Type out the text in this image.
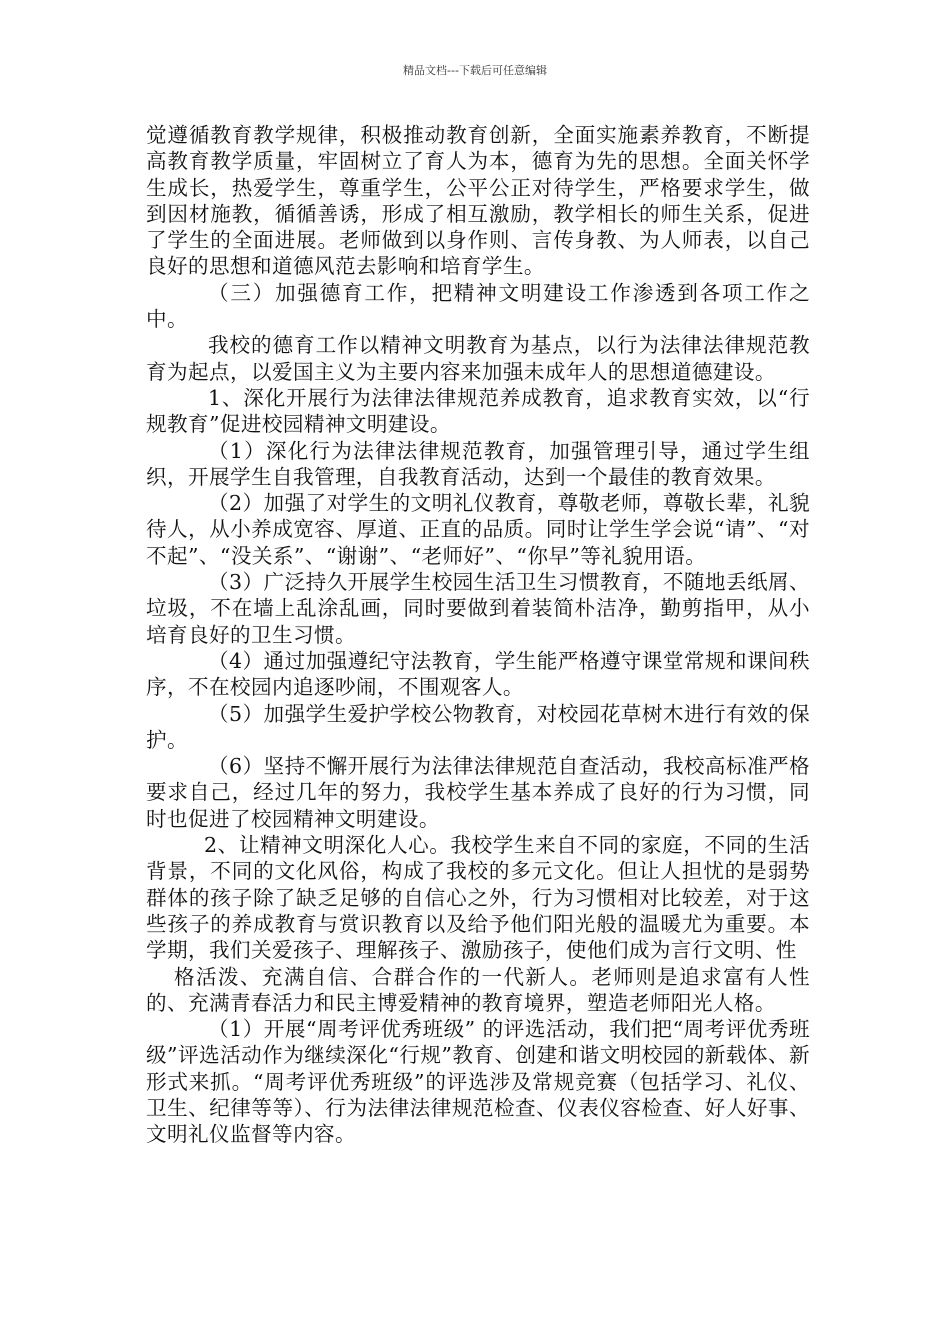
精品文档---下载后可任意编辑

觉遵循教育教学规律，积极推动教育创新，全面实施素养教育，不断提高教育教学质量，牢固树立了育人为本，德育为先的思想。全面关怀学生成长，热爱学生，尊重学生，公平公正对待学生，严格要求学生，做到因材施教，循循善诱，形成了相互激励，教学相长的师生关系，促进了学生的全面进展。老师做到以身作则、言传身教、为人师表，以自己良好的思想和道德风范去影响和培育学生。

（三）加强德育工作，把精神文明建设工作渗透到各项工作之中。

我校的德育工作以精神文明教育为基点，以行为法律法律规范教育为起点，以爱国主义为主要内容来加强未成年人的思想道德建设。

1、深化开展行为法律法律规范养成教育，追求教育实效，以“行规教育”促进校园精神文明建设。

（1）深化行为法律法律规范教育，加强管理引导，通过学生组织，开展学生自我管理，自我教育活动，达到一个最佳的教育效果。

（2）加强了对学生的文明礼仪教育，尊敬老师，尊敬长辈，礼貌待人，从小养成宽容、厚道、正直的品质。同时让学生学会说“请”、“对不起”、“没关系”、“谢谢”、“老师好”、“你早”等礼貌用语。

（3）广泛持久开展学生校园生活卫生习惯教育，不随地丢纸屑、垃圾，不在墙上乱涂乱画，同时要做到着装简朴洁净，勤剪指甲，从小培育良好的卫生习惯。

（4）通过加强遵纪守法教育，学生能严格遵守课堂常规和课间秩序，不在校园内追逐吵闹，不围观客人。

（5）加强学生爱护学校公物教育，对校园花草树木进行有效的保护。

（6）坚持不懈开展行为法律法律规范自查活动，我校高标准严格要求自己，经过几年的努力，我校学生基本养成了良好的行为习惯，同时也促进了校园精神文明建设。

2、让精神文明深化人心。我校学生来自不同的家庭，不同的生活背景，不同的文化风俗，构成了我校的多元文化。但让人担忧的是弱势群体的孩子除了缺乏足够的自信心之外，行为习惯相对比较差，对于这些孩子的养成教育与赏识教育以及给予他们阳光般的温暖尤为重要。本学期，我们关爱孩子、理解孩子、激励孩子，使他们成为言行文明、性

格活泼、充满自信、合群合作的一代新人。老师则是追求富有人性的、充满青春活力和民主博爱精神的教育境界，塑造老师阳光人格。

（1）开展“周考评优秀班级” 的评选活动，我们把“周考评优秀班级”评选活动作为继续深化“行规”教育、创建和谐文明校园的新载体、新形式来抓。“周考评优秀班级”的评选涉及常规竞赛（包括学习、礼仪、卫生、纪律等等）、行为法律法律规范检查、仪表仪容检查、好人好事、文明礼仪监督等内容。
